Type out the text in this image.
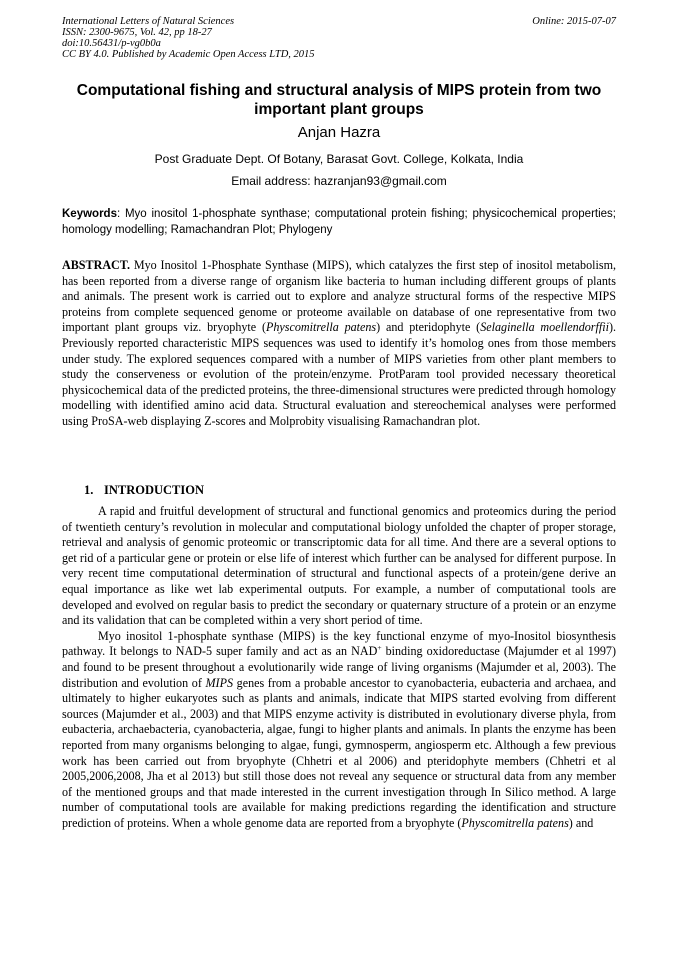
International Letters of Natural Sciences
ISSN: 2300-9675, Vol. 42, pp 18-27
doi:10.56431/p-vg0b0a
CC BY 4.0. Published by Academic Open Access LTD, 2015
Online: 2015-07-07
Computational fishing and structural analysis of MIPS protein from two important plant groups
Anjan Hazra
Post Graduate Dept. Of Botany, Barasat Govt. College, Kolkata, India
Email address: hazranjan93@gmail.com
Keywords: Myo inositol 1-phosphate synthase; computational protein fishing; physicochemical properties; homology modelling; Ramachandran Plot; Phylogeny
ABSTRACT. Myo Inositol 1-Phosphate Synthase (MIPS), which catalyzes the first step of inositol metabolism, has been reported from a diverse range of organism like bacteria to human including different groups of plants and animals. The present work is carried out to explore and analyze structural forms of the respective MIPS proteins from complete sequenced genome or proteome available on database of one representative from two important plant groups viz. bryophyte (Physcomitrella patens) and pteridophyte (Selaginella moellendorffii). Previously reported characteristic MIPS sequences was used to identify it’s homolog ones from those members under study. The explored sequences compared with a number of MIPS varieties from other plant members to study the conserveness or evolution of the protein/enzyme. ProtParam tool provided necessary theoretical physicochemical data of the predicted proteins, the three-dimensional structures were predicted through homology modelling with identified amino acid data. Structural evaluation and stereochemical analyses were performed using ProSA-web displaying Z-scores and Molprobity visualising Ramachandran plot.
1. INTRODUCTION

A rapid and fruitful development of structural and functional genomics and proteomics during the period of twentieth century’s revolution in molecular and computational biology unfolded the chapter of proper storage, retrieval and analysis of genomic proteomic or transcriptomic data for all time. And there are a several options to get rid of a particular gene or protein or else life of interest which further can be analysed for different purpose. In very recent time computational determination of structural and functional aspects of a protein/gene derive an equal importance as like wet lab experimental outputs. For example, a number of computational tools are developed and evolved on regular basis to predict the secondary or quaternary structure of a protein or an enzyme and its validation that can be completed within a very short period of time.

Myo inositol 1-phosphate synthase (MIPS) is the key functional enzyme of myo-Inositol biosynthesis pathway. It belongs to NAD-5 super family and act as an NAD+ binding oxidoreductase (Majumder et al 1997) and found to be present throughout a evolutionarily wide range of living organisms (Majumder et al, 2003). The distribution and evolution of MIPS genes from a probable ancestor to cyanobacteria, eubacteria and archaea, and ultimately to higher eukaryotes such as plants and animals, indicate that MIPS started evolving from different sources (Majumder et al., 2003) and that MIPS enzyme activity is distributed in evolutionary diverse phyla, from eubacteria, archaebacteria, cyanobacteria, algae, fungi to higher plants and animals. In plants the enzyme has been reported from many organisms belonging to algae, fungi, gymnosperm, angiosperm etc. Although a few previous work has been carried out from bryophyte (Chhetri et al 2006) and pteridophyte members (Chhetri et al 2005,2006,2008, Jha et al 2013) but still those does not reveal any sequence or structural data from any member of the mentioned groups and that made interested in the current investigation through In Silico method. A large number of computational tools are available for making predictions regarding the identification and structure prediction of proteins. When a whole genome data are reported from a bryophyte (Physcomitrella patens) and
